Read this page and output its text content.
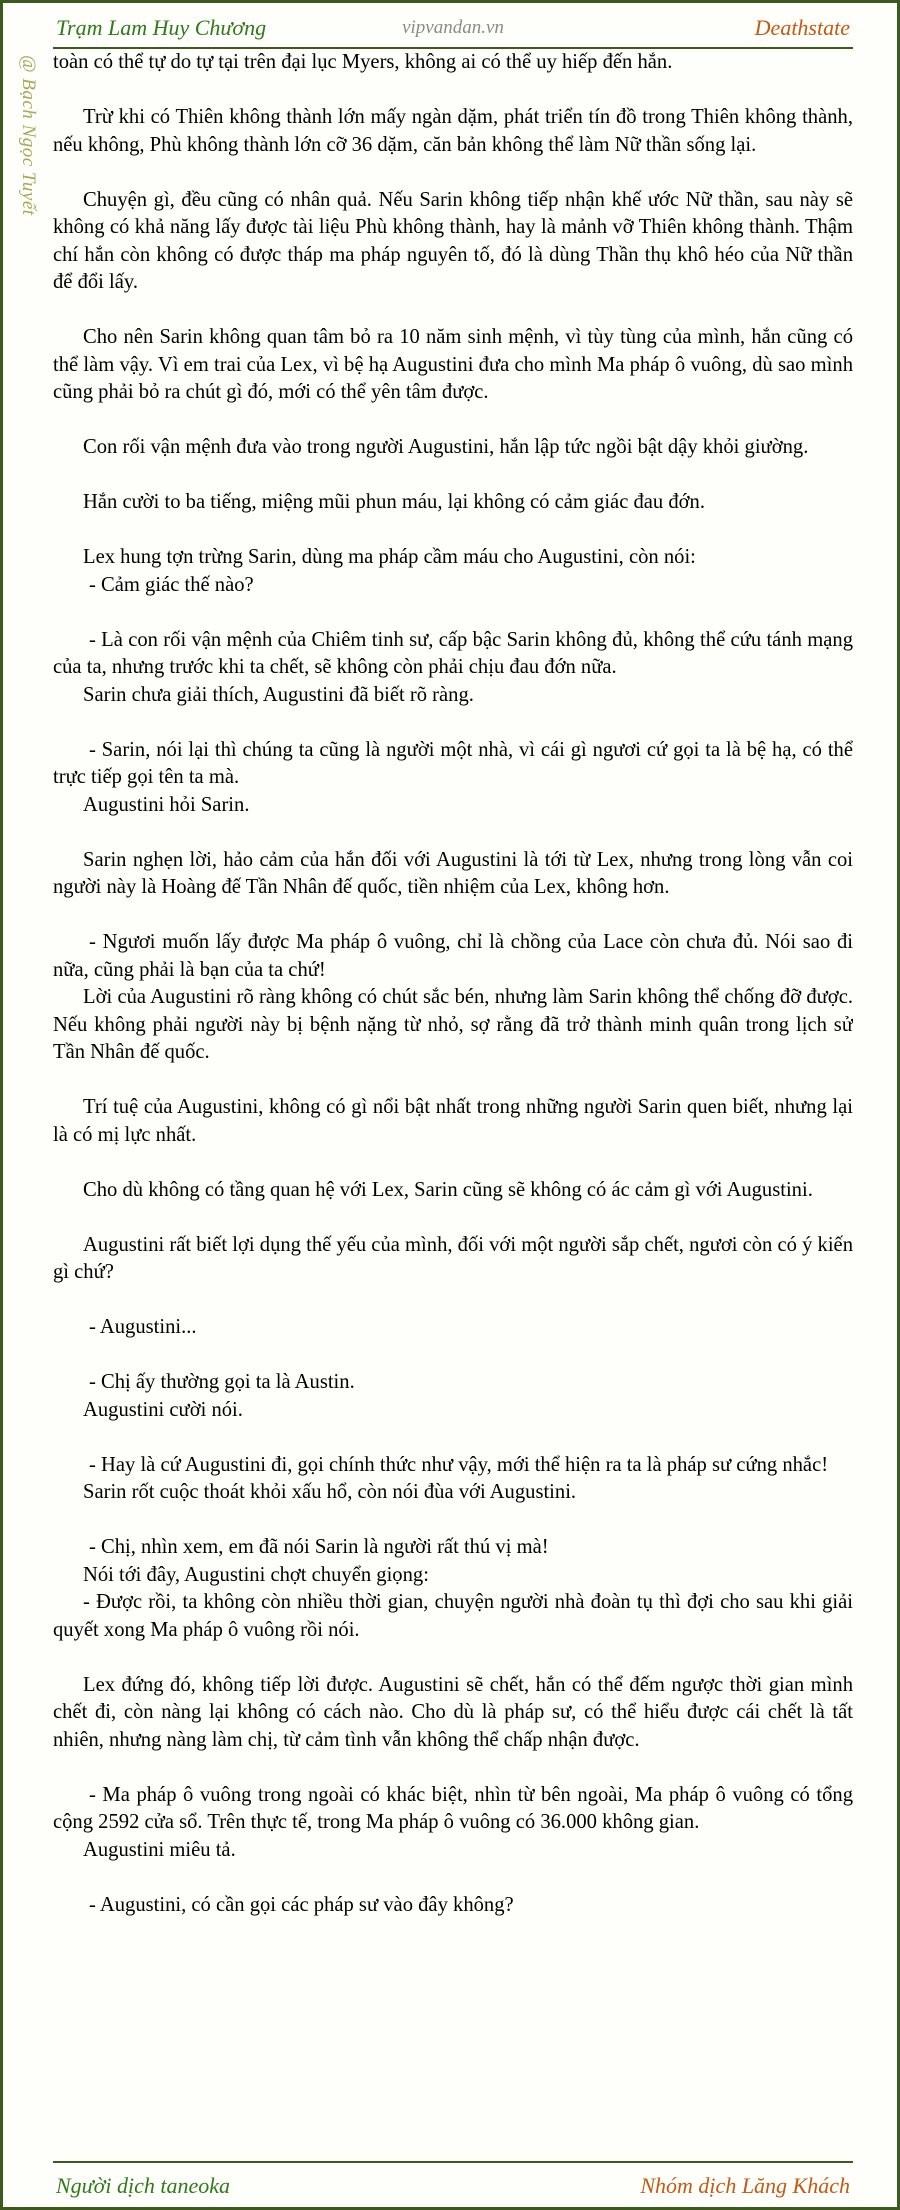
Trạm Lam Huy Chương	vipvandan.vn	Deathstate
@ Bạch Ngọc Tuyết toàn có thể tự do tự tại trên đại lục Myers, không ai có thể uy hiếp đến hắn.

Trừ khi có Thiên không thành lớn mấy ngàn dặm, phát triển tín đồ trong Thiên không thành, nếu không, Phù không thành lớn cỡ 36 dặm, căn bản không thể làm Nữ thần sống lại.

Chuyện gì, đều cũng có nhân quả. Nếu Sarin không tiếp nhận khế ước Nữ thần, sau này sẽ không có khả năng lấy được tài liệu Phù không thành, hay là mảnh vỡ Thiên không thành. Thậm chí hắn còn không có được tháp ma pháp nguyên tố, đó là dùng Thần thụ khô héo của Nữ thần để đổi lấy.

Cho nên Sarin không quan tâm bỏ ra 10 năm sinh mệnh, vì tùy tùng của mình, hắn cũng có thể làm vậy. Vì em trai của Lex, vì bệ hạ Augustini đưa cho mình Ma pháp ô vuông, dù sao mình cũng phải bỏ ra chút gì đó, mới có thể yên tâm được.

Con rối vận mệnh đưa vào trong người Augustini, hắn lập tức ngồi bật dậy khỏi giường.

Hắn cười to ba tiếng, miệng mũi phun máu, lại không có cảm giác đau đớn.

Lex hung tợn trừng Sarin, dùng ma pháp cầm máu cho Augustini, còn nói:

- Cảm giác thế nào?

- Là con rối vận mệnh của Chiêm tinh sư, cấp bậc Sarin không đủ, không thể cứu tánh mạng của ta, nhưng trước khi ta chết, sẽ không còn phải chịu đau đớn nữa.

Sarin chưa giải thích, Augustini đã biết rõ ràng.

- Sarin, nói lại thì chúng ta cũng là người một nhà, vì cái gì ngươi cứ gọi ta là bệ hạ, có thể trực tiếp gọi tên ta mà.

Augustini hỏi Sarin.

Sarin nghẹn lời, hảo cảm của hắn đối với Augustini là tới từ Lex, nhưng trong lòng vẫn coi người này là Hoàng đế Tần Nhân đế quốc, tiền nhiệm của Lex, không hơn.

- Ngươi muốn lấy được Ma pháp ô vuông, chỉ là chồng của Lace còn chưa đủ. Nói sao đi nữa, cũng phải là bạn của ta chứ!

Lời của Augustini rõ ràng không có chút sắc bén, nhưng làm Sarin không thể chống đỡ được. Nếu không phải người này bị bệnh nặng từ nhỏ, sợ rằng đã trở thành minh quân trong lịch sử Tần Nhân đế quốc.

Trí tuệ của Augustini, không có gì nổi bật nhất trong những người Sarin quen biết, nhưng lại là có mị lực nhất.

Cho dù không có tầng quan hệ với Lex, Sarin cũng sẽ không có ác cảm gì với Augustini.

Augustini rất biết lợi dụng thế yếu của mình, đối với một người sắp chết, ngươi còn có ý kiến gì chứ?

- Augustini...

- Chị ấy thường gọi ta là Austin.

Augustini cười nói.

- Hay là cứ Augustini đi, gọi chính thức như vậy, mới thể hiện ra ta là pháp sư cứng nhắc!

Sarin rốt cuộc thoát khỏi xấu hổ, còn nói đùa với Augustini.

- Chị, nhìn xem, em đã nói Sarin là người rất thú vị mà!

Nói tới đây, Augustini chợt chuyển giọng:

- Được rồi, ta không còn nhiều thời gian, chuyện người nhà đoàn tụ thì đợi cho sau khi giải quyết xong Ma pháp ô vuông rồi nói.

Lex đứng đó, không tiếp lời được. Augustini sẽ chết, hắn có thể đếm ngược thời gian mình chết đi, còn nàng lại không có cách nào. Cho dù là pháp sư, có thể hiểu được cái chết là tất nhiên, nhưng nàng làm chị, từ cảm tình vẫn không thể chấp nhận được.

- Ma pháp ô vuông trong ngoài có khác biệt, nhìn từ bên ngoài, Ma pháp ô vuông có tổng cộng 2592 cửa sổ. Trên thực tế, trong Ma pháp ô vuông có 36.000 không gian.

Augustini miêu tả.

- Augustini, có cần gọi các pháp sư vào đây không?

Người dịch taneoka	Nhóm dịch Lăng Khách
